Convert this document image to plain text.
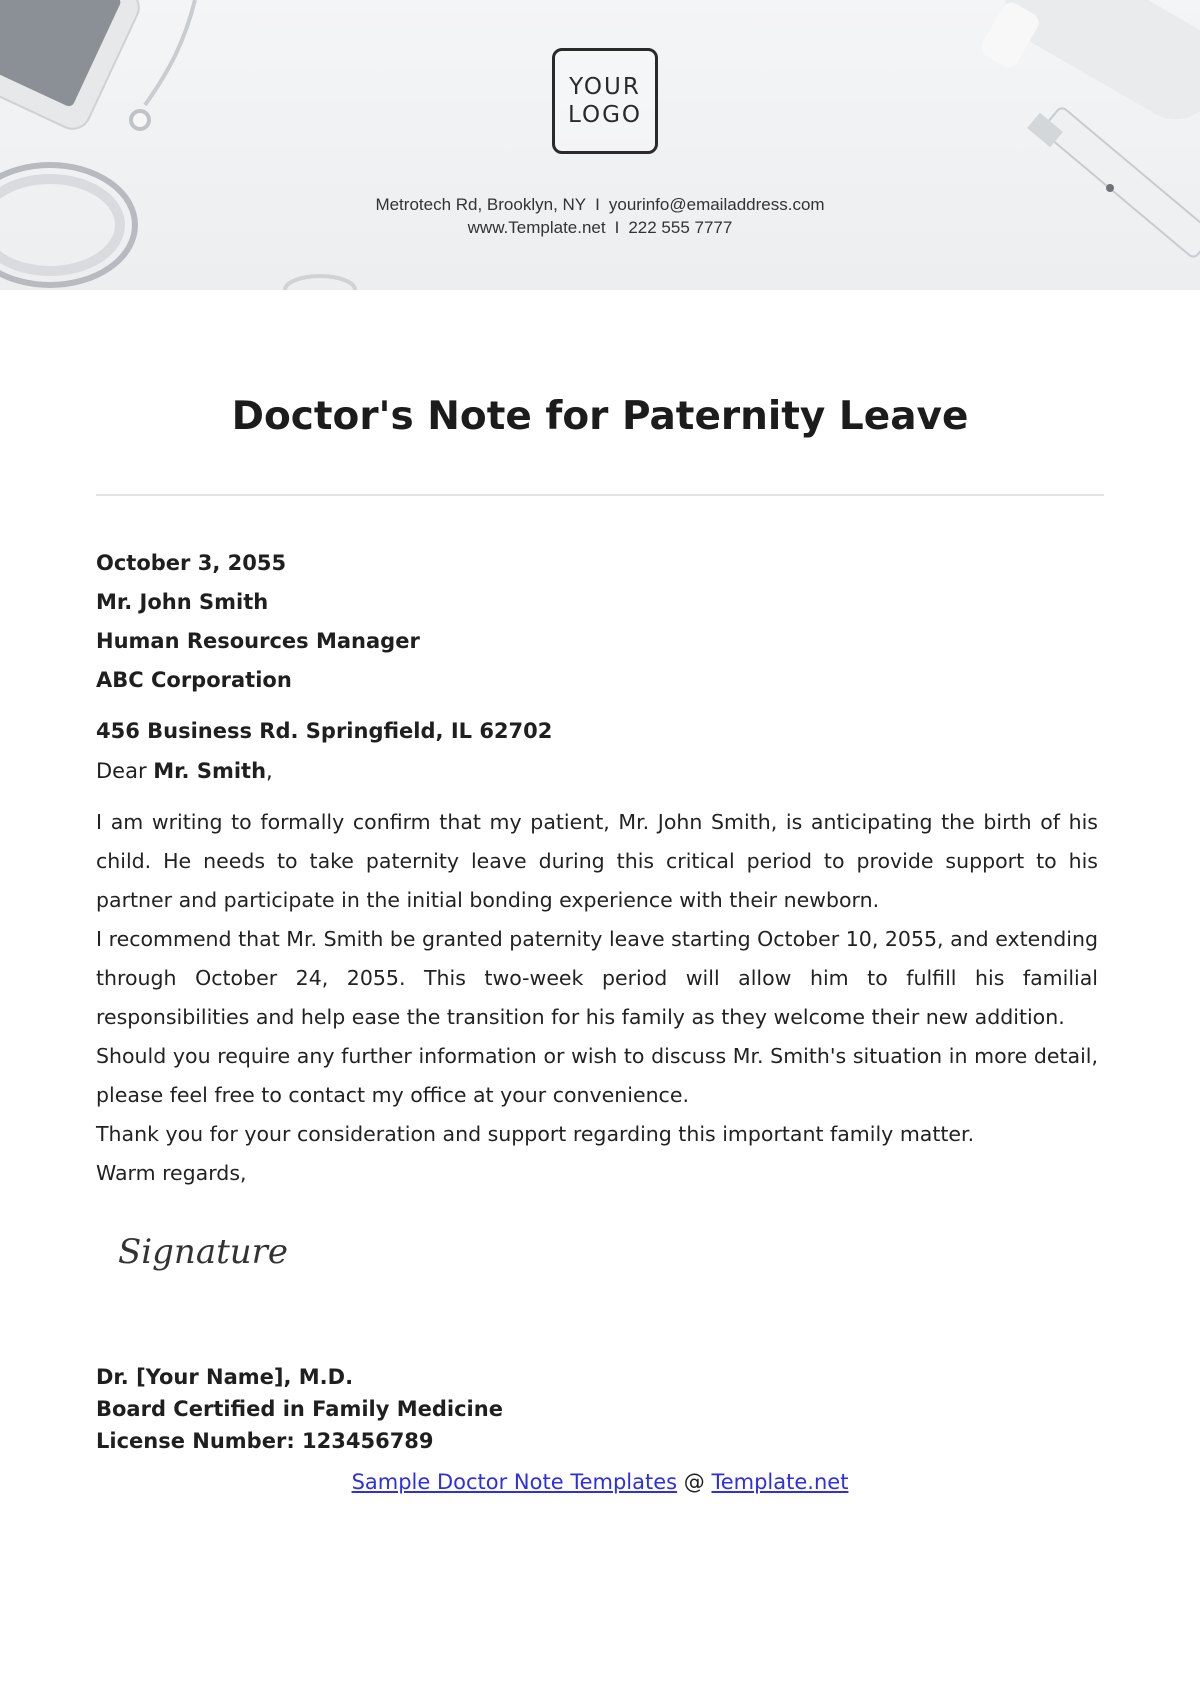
YOUR
LOGO
Metrotech Rd, Brooklyn, NY I yourinfo@emailaddress.com
www.Template.net I 222 555 7777
Doctor's Note for Paternity Leave
October 3, 2055
Mr. John Smith
Human Resources Manager
ABC Corporation
456 Business Rd. Springfield, IL 62702
Dear Mr. Smith,

I am writing to formally confirm that my patient, Mr. John Smith, is anticipating the birth of his child. He needs to take paternity leave during this critical period to provide support to his partner and participate in the initial bonding experience with their newborn.

I recommend that Mr. Smith be granted paternity leave starting October 10, 2055, and extending through October 24, 2055. This two-week period will allow him to fulfill his familial responsibilities and help ease the transition for his family as they welcome their new addition.

Should you require any further information or wish to discuss Mr. Smith's situation in more detail, please feel free to contact my office at your convenience.

Thank you for your consideration and support regarding this important family matter.

Warm regards,

Signature
Dr. [Your Name], M.D.
Board Certified in Family Medicine
License Number: 123456789
Sample Doctor Note Templates @ Template.net
